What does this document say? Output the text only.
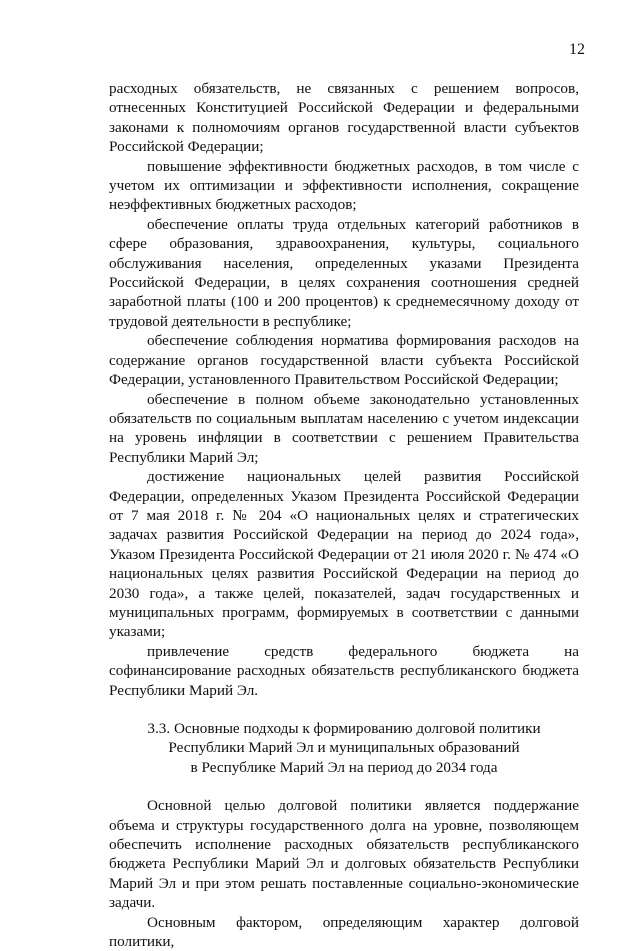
12

расходных обязательств, не связанных с решением вопросов, отнесенных Конституцией Российской Федерации и федеральными законами к полномочиям органов государственной власти субъектов Российской Федерации;

повышение эффективности бюджетных расходов, в том числе с учетом их оптимизации и эффективности исполнения, сокращение неэффективных бюджетных расходов;

обеспечение оплаты труда отдельных категорий работников в сфере образования, здравоохранения, культуры, социального обслуживания населения, определенных указами Президента Российской Федерации, в целях сохранения соотношения средней заработной платы (100 и 200 процентов) к среднемесячному доходу от трудовой деятельности в республике;

обеспечение соблюдения норматива формирования расходов на содержание органов государственной власти субъекта Российской Федерации, установленного Правительством Российской Федерации;

обеспечение в полном объеме законодательно установленных обязательств по социальным выплатам населению с учетом индексации на уровень инфляции в соответствии с решением Правительства Республики Марий Эл;

достижение национальных целей развития Российской Федерации, определенных Указом Президента Российской Федерации от 7 мая 2018 г. № 204 «О национальных целях и стратегических задачах развития Российской Федерации на период до 2024 года», Указом Президента Российской Федерации от 21 июля 2020 г. № 474 «О национальных целях развития Российской Федерации на период до 2030 года», а также целей, показателей, задач государственных и муниципальных программ, формируемых в соответствии с данными указами;

привлечение средств федерального бюджета на софинансирование расходных обязательств республиканского бюджета Республики Марий Эл.

3.3. Основные подходы к формированию долговой политики
Республики Марий Эл и муниципальных образований
в Республике Марий Эл на период до 2034 года

Основной целью долговой политики является поддержание объема и структуры государственного долга на уровне, позволяющем обеспечить исполнение расходных обязательств республиканского бюджета Республики Марий Эл и долговых обязательств Республики Марий Эл и при этом решать поставленные социально-экономические задачи.

Основным фактором, определяющим характер долговой политики,
